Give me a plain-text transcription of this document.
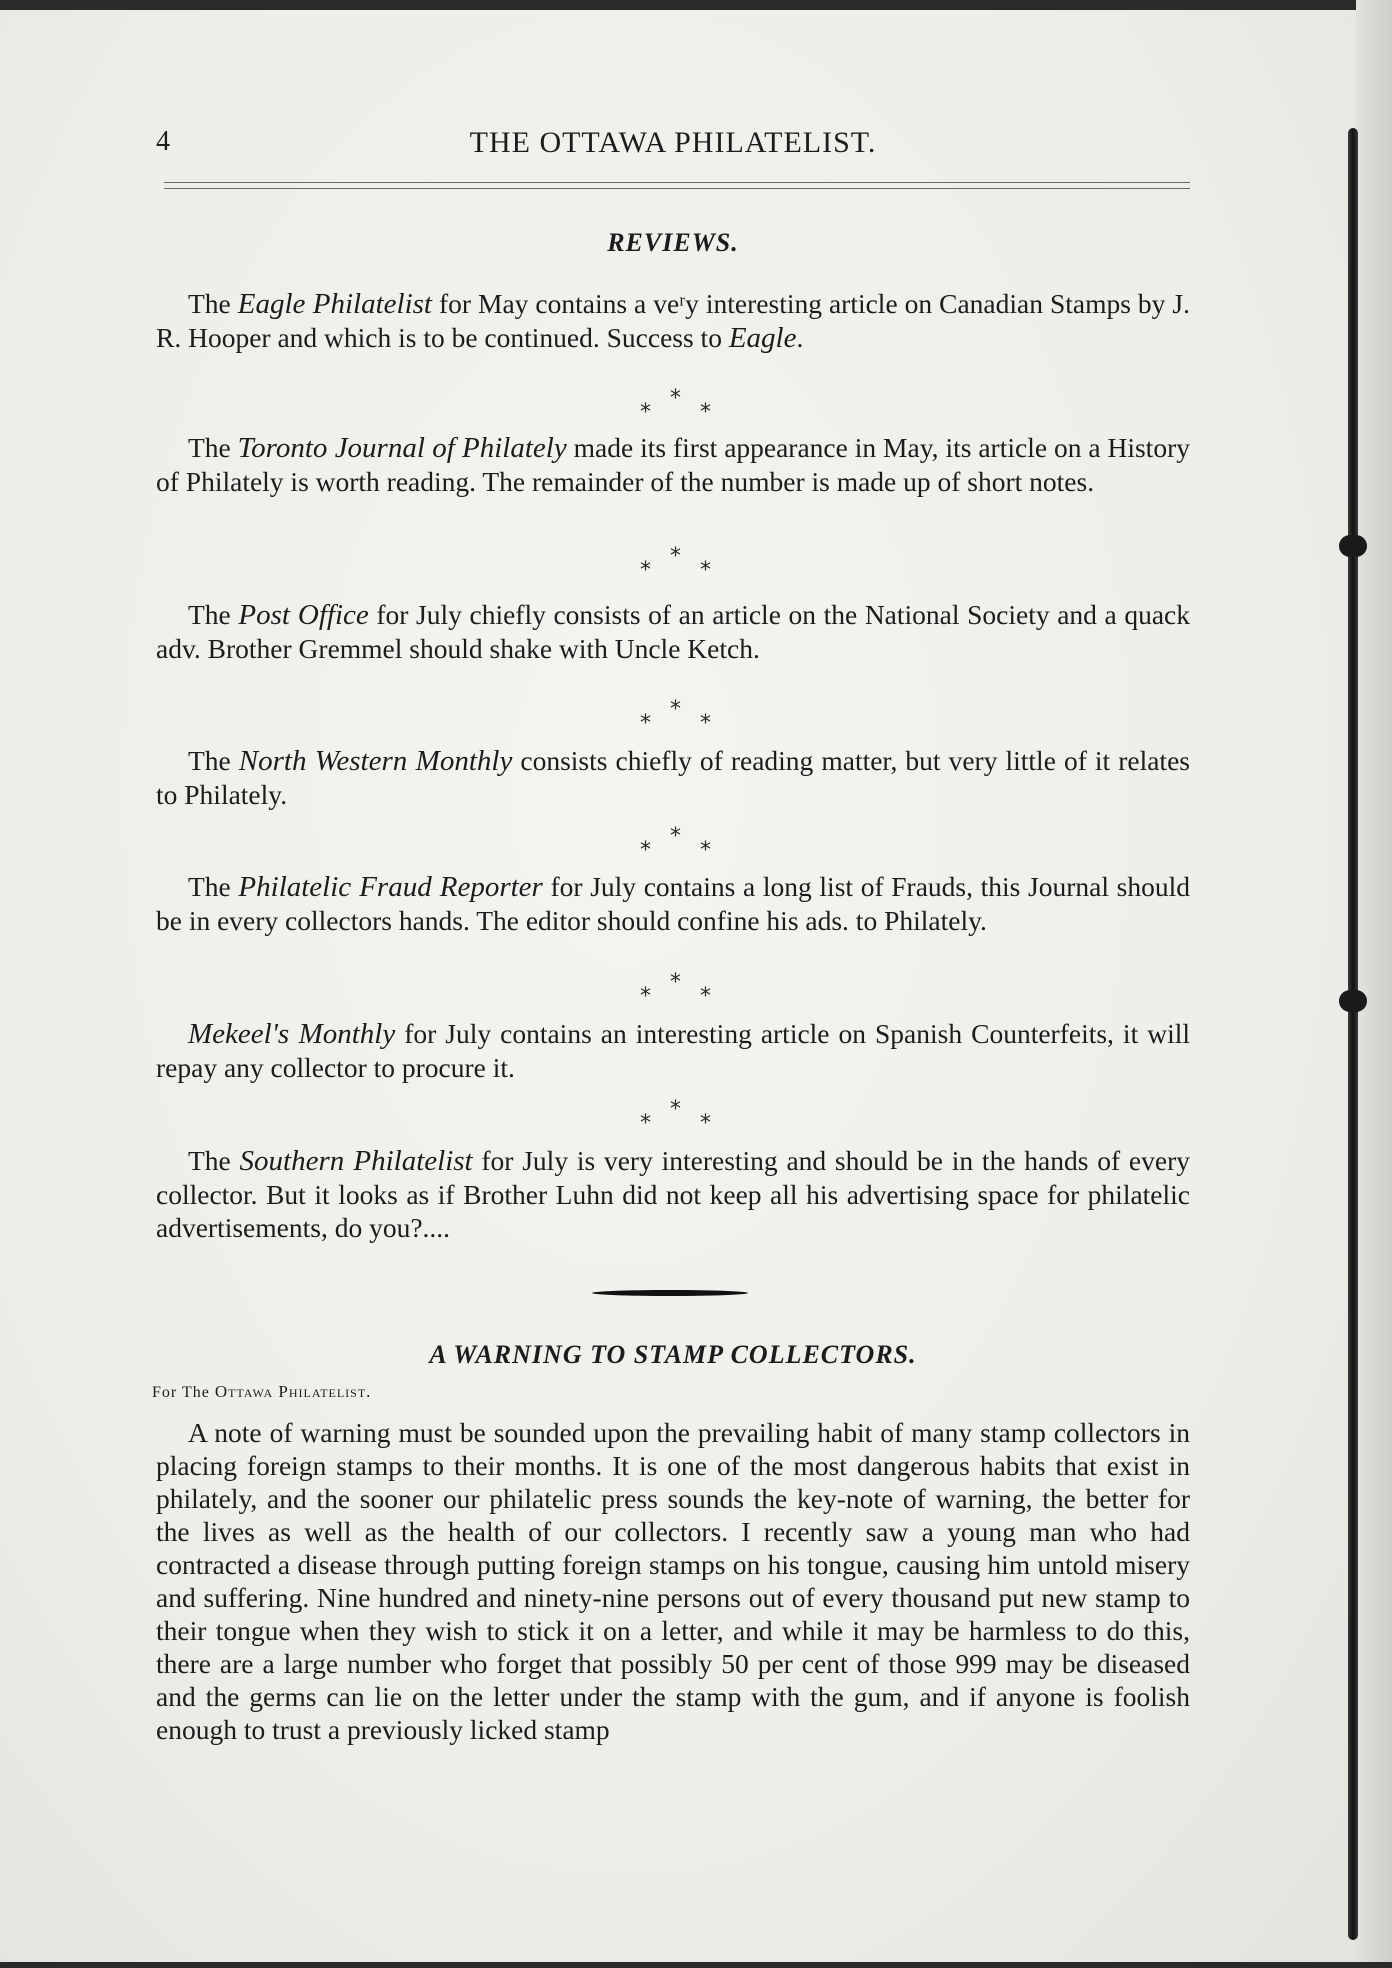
4	THE OTTAWA PHILATELIST.
REVIEWS.

The Eagle Philatelist for May contains a veʳy interesting article on Canadian Stamps by J. R. Hooper and which is to be continued. Success to Eagle.

*
*
*

The Toronto Journal of Philately made its first appearance in May, its article on a History of Philately is worth reading. The remainder of the number is made up of short notes.

*
*
*

The Post Office for July chiefly consists of an article on the National Society and a quack adv. Brother Gremmel should shake with Uncle Ketch.

*
*
*

The North Western Monthly consists chiefly of reading matter, but very little of it relates to Philately.

*
*
*

The Philatelic Fraud Reporter for July contains a long list of Frauds, this Journal should be in every collectors hands. The editor should confine his ads. to Philately.

*
*
*

Mekeel's Monthly for July contains an interesting article on Spanish Counterfeits, it will repay any collector to procure it.

*
*
*

The Southern Philatelist for July is very interesting and should be in the hands of every collector. But it looks as if Brother Luhn did not keep all his advertising space for philatelic advertisements, do you?....

A WARNING TO STAMP COLLECTORS.
For The Ottawa Philatelist.

A note of warning must be sounded upon the prevailing habit of many stamp collectors in placing foreign stamps to their months. It is one of the most dangerous habits that exist in philately, and the sooner our philatelic press sounds the key-note of warning, the better for the lives as well as the health of our collectors. I recently saw a young man who had contracted a disease through putting foreign stamps on his tongue, causing him untold misery and suffering. Nine hundred and ninety-nine persons out of every thousand put new stamp to their tongue when they wish to stick it on a letter, and while it may be harmless to do this, there are a large number who forget that possibly 50 per cent of those 999 may be diseased and the germs can lie on the letter under the stamp with the gum, and if anyone is foolish enough to trust a previously licked stamp
